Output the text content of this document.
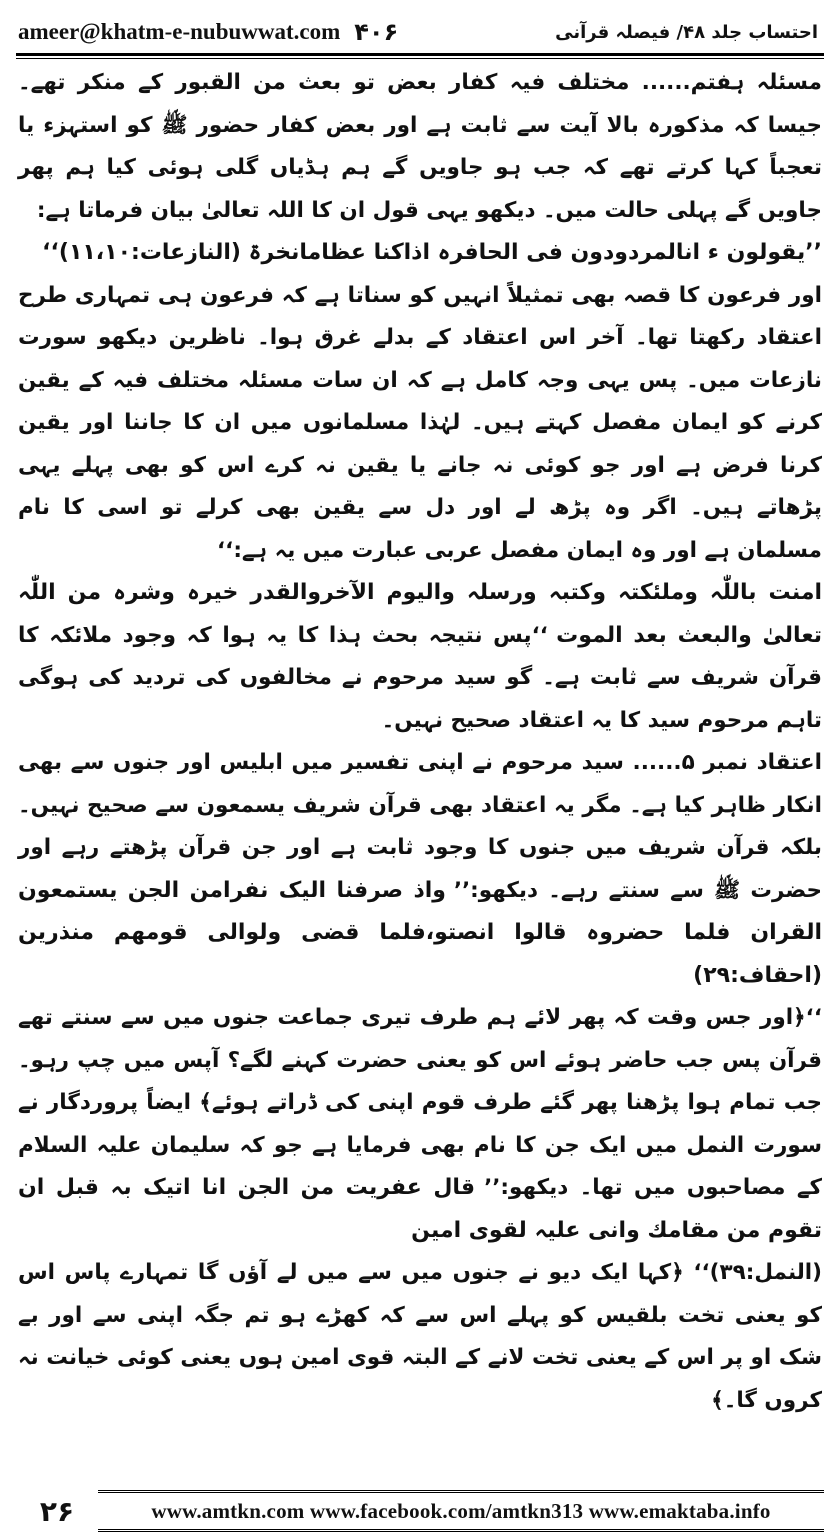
ameer@khatm-e-nubuwwat.com ۴۰۶	احتساب جلد ۴۸/ فیصلہ قرآنی

مسئلہ ہفتم...... مختلف فیہ کفار بعض تو بعث من القبور کے منکر تھے۔ جیسا کہ مذکورہ بالا آیت سے ثابت ہے اور بعض کفار حضور ﷺ کو استہزء یا تعجباً کہا کرتے تھے کہ جب ہو جاویں گے ہم ہڈیاں گلی ہوئی کیا ہم پھر جاویں گے پہلی حالت میں۔ دیکھو یہی قول ان کا اللہ تعالیٰ بیان فرماتا ہے:

’’یقولون ء انالمردودون فی الحافرہ اذاکنا عظامانخرۃ (النازعات:۱۱،۱۰)‘‘

اور فرعون کا قصہ بھی تمثیلاً انہیں کو سناتا ہے کہ فرعون ہی تمہاری طرح اعتقاد رکھتا تھا۔ آخر اس اعتقاد کے بدلے غرق ہوا۔ ناظرین دیکھو سورت نازعات میں۔ پس یہی وجہ کامل ہے کہ ان سات مسئلہ مختلف فیہ کے یقین کرنے کو ایمان مفصل کہتے ہیں۔ لہٰذا مسلمانوں میں ان کا جاننا اور یقین کرنا فرض ہے اور جو کوئی نہ جانے یا یقین نہ کرے اس کو بھی پہلے یہی پڑھاتے ہیں۔ اگر وہ پڑھ لے اور دل سے یقین بھی کرلے تو اسی کا نام مسلمان ہے اور وہ ایمان مفصل عربی عبارت میں یہ ہے:‘‘

امنت باللّٰہ وملئکتہ وکتبہ ورسلہ والیوم الآخروالقدر خیرہ وشرہ من اللّٰہ تعالیٰ والبعث بعد الموت ‘‘پس نتیجہ بحث ہذا کا یہ ہوا کہ وجود ملائکہ کا قرآن شریف سے ثابت ہے۔ گو سید مرحوم نے مخالفوں کی تردید کی ہوگی تاہم مرحوم سید کا یہ اعتقاد صحیح نہیں۔

اعتقاد نمبر ۵...... سید مرحوم نے اپنی تفسیر میں ابلیس اور جنوں سے بھی انکار ظاہر کیا ہے۔ مگر یہ اعتقاد بھی قرآن شریف یسمعون سے صحیح نہیں۔ بلکہ قرآن شریف میں جنوں کا وجود ثابت ہے اور جن قرآن پڑھتے رہے اور حضرت ﷺ سے سنتے رہے۔ دیکھو:’’ واذ صرفنا الیک نفرامن الجن یستمعون القران فلما حضروہ قالوا انصتو،فلما قضی ولوالی قومھم منذرین (احقاف:۲۹)

‘‘﴿اور جس وقت کہ پھر لائے ہم طرف تیری جماعت جنوں میں سے سنتے تھے قرآن پس جب حاضر ہوئے اس کو یعنی حضرت کہنے لگے؟ آپس میں چپ رہو۔ جب تمام ہوا پڑھنا پھر گئے طرف قوم اپنی کی ڈراتے ہوئے﴾ ایضاً پروردگار نے سورت النمل میں ایک جن کا نام بھی فرمایا ہے جو کہ سلیمان علیہ السلام کے مصاحبوں میں تھا۔ دیکھو:’’ قال عفریت من الجن انا اتیک بہ قبل ان تقوم من مقامك وانی علیہ لقوی امین

(النمل:۳۹)‘‘ ﴿کہا ایک دیو نے جنوں میں سے میں لے آؤں گا تمہارے پاس اس کو یعنی تخت بلقیس کو پہلے اس سے کہ کھڑے ہو تم جگہ اپنی سے اور بے شک او پر اس کے یعنی تخت لانے کے البتہ قوی امین ہوں یعنی کوئی خیانت نہ کروں گا۔﴾

۲۶	www.amtkn.com www.facebook.com/amtkn313 www.emaktaba.info
